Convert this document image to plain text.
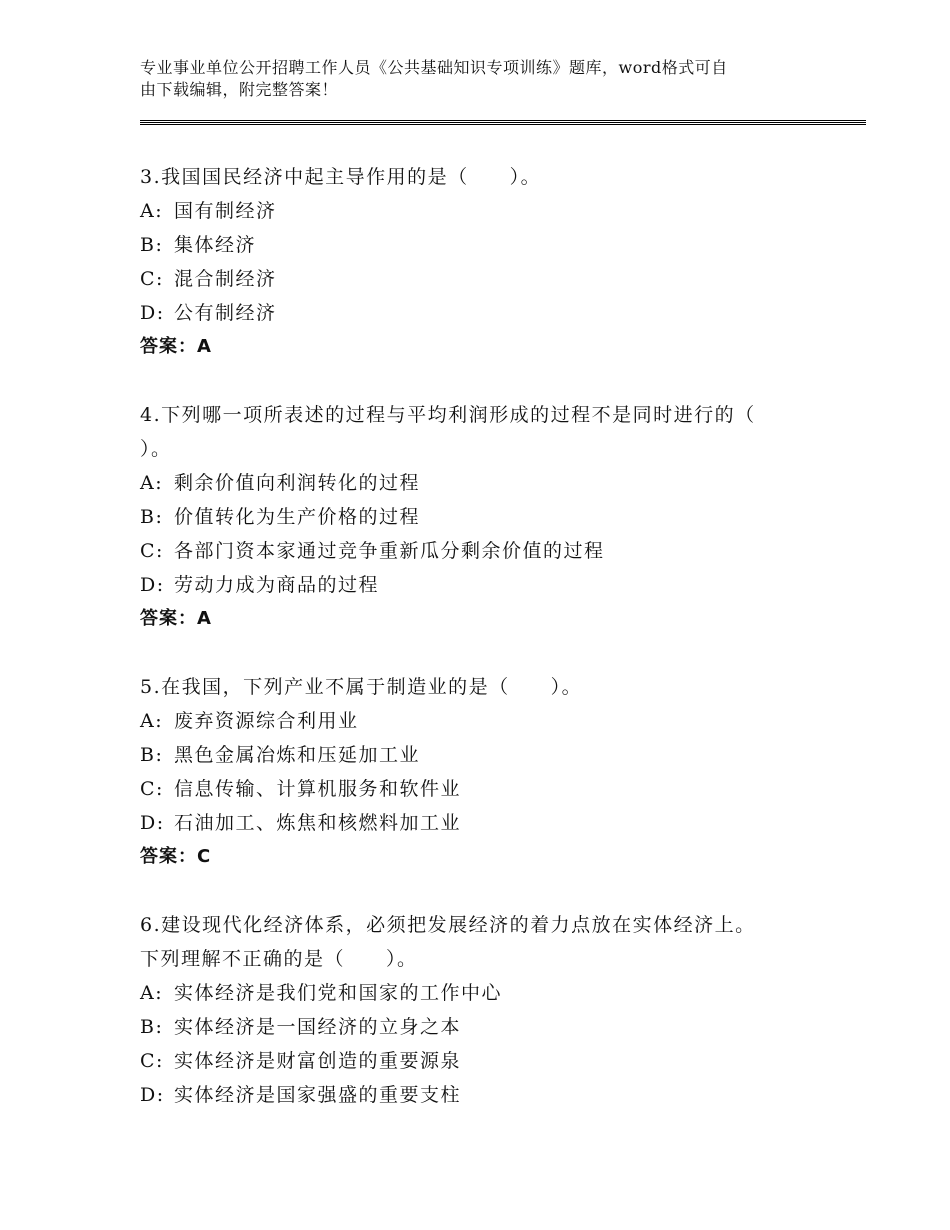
专业事业单位公开招聘工作人员《公共基础知识专项训练》题库，word格式可自
由下载编辑，附完整答案！
3.我国国民经济中起主导作用的是（　　）。
A: 国有制经济
B: 集体经济
C: 混合制经济
D: 公有制经济
答案：A
4.下列哪一项所表述的过程与平均利润形成的过程不是同时进行的（
）。
A: 剩余价值向利润转化的过程
B: 价值转化为生产价格的过程
C: 各部门资本家通过竞争重新瓜分剩余价值的过程
D: 劳动力成为商品的过程
答案：A
5.在我国，下列产业不属于制造业的是（　　）。
A: 废弃资源综合利用业
B: 黑色金属冶炼和压延加工业
C: 信息传输、计算机服务和软件业
D: 石油加工、炼焦和核燃料加工业
答案：C
6.建设现代化经济体系，必须把发展经济的着力点放在实体经济上。
下列理解不正确的是（　　）。
A: 实体经济是我们党和国家的工作中心
B: 实体经济是一国经济的立身之本
C: 实体经济是财富创造的重要源泉
D: 实体经济是国家强盛的重要支柱
